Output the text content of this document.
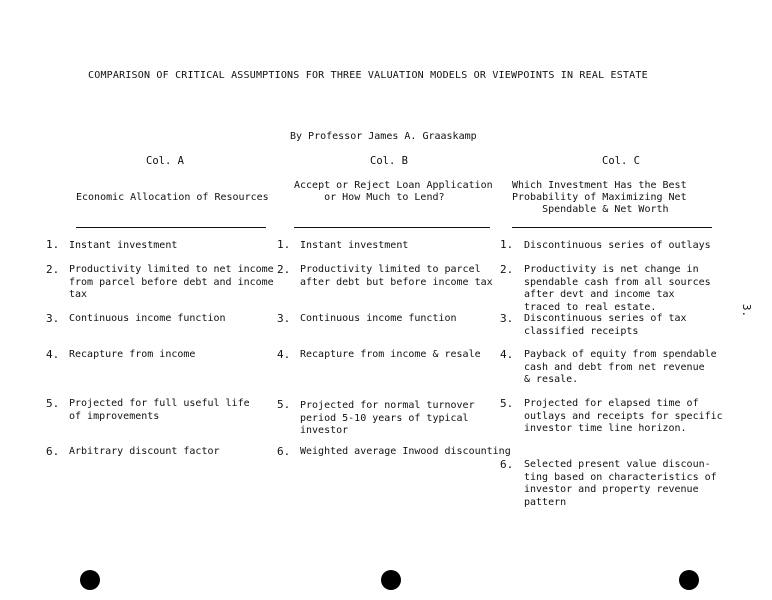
COMPARISON OF CRITICAL ASSUMPTIONS FOR THREE VALUATION MODELS OR VIEWPOINTS IN REAL ESTATE
By Professor James A. Graaskamp
3.
Col. A
Economic Allocation of Resources
Col. B
Accept or Reject Loan Application
or How Much to Lend?
Col. C
Which Investment Has the Best
Probability of Maximizing Net
Spendable & Net Worth
1. Instant investment
2. Productivity limited to net income
from parcel before debt and income
tax
3. Continuous income function
4. Recapture from income
5. Projected for full useful life
of improvements
6. Arbitrary discount factor
1. Instant investment
2. Productivity limited to parcel
after debt but before income tax
3. Continuous income function
4. Recapture from income & resale
5. Projected for normal turnover
period 5-10 years of typical
investor
6. Weighted average Inwood discounting
1. Discontinuous series of outlays
2. Productivity is net change in
spendable cash from all sources
after devt and income tax
traced to real estate.
3. Discontinuous series of tax
classified receipts
4. Payback of equity from spendable
cash and debt from net revenue
& resale.
5. Projected for elapsed time of
outlays and receipts for specific
investor time line horizon.
6. Selected present value discoun-
ting based on characteristics of
investor and property revenue
pattern
